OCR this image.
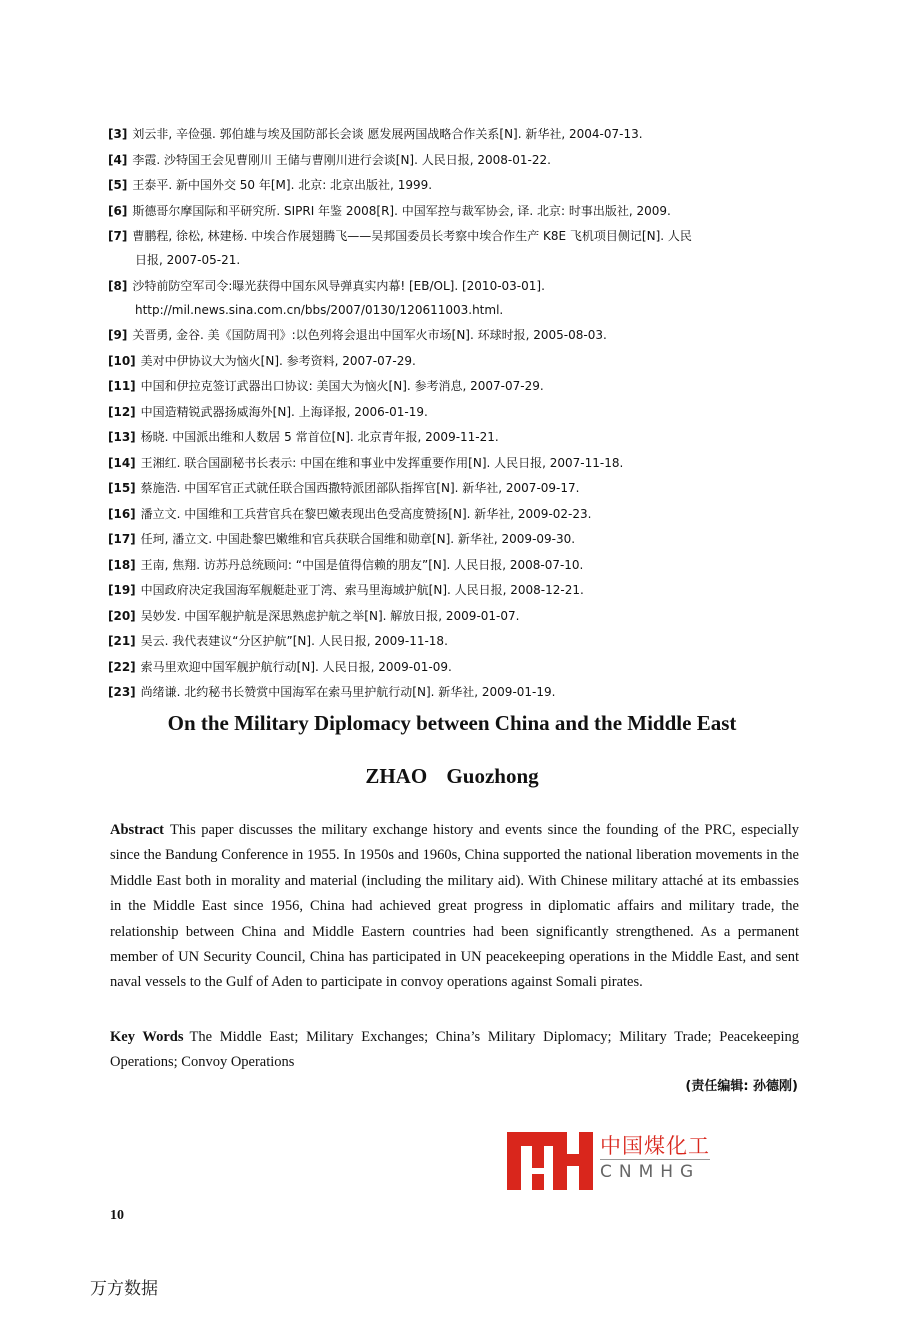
[3] 刘云非, 辛俭强. 郭伯雄与埃及国防部长会谈 愿发展两国战略合作关系[N]. 新华社, 2004-07-13.
[4] 李霞. 沙特国王会见曹刚川 王储与曹刚川进行会谈[N]. 人民日报, 2008-01-22.
[5] 王泰平. 新中国外交 50 年[M]. 北京: 北京出版社, 1999.
[6] 斯德哥尔摩国际和平研究所. SIPRI 年鉴 2008[R]. 中国军控与裁军协会, 译. 北京: 时事出版社, 2009.
[7] 曹鹏程, 徐松, 林建杨. 中埃合作展翅腾飞——吴邦国委员长考察中埃合作生产 K8E 飞机项目侧记[N]. 人民
日报, 2007-05-21.
[8] 沙特前防空军司令:曝光获得中国东风导弹真实内幕! [EB/OL]. [2010-03-01].
http://mil.news.sina.com.cn/bbs/2007/0130/120611003.html.
[9] 关晋勇, 金谷. 美《国防周刊》:以色列将会退出中国军火市场[N]. 环球时报, 2005-08-03.
[10] 美对中伊协议大为恼火[N]. 参考资料, 2007-07-29.
[11] 中国和伊拉克签订武器出口协议: 美国大为恼火[N]. 参考消息, 2007-07-29.
[12] 中国造精锐武器扬威海外[N]. 上海译报, 2006-01-19.
[13] 杨晓. 中国派出维和人数居 5 常首位[N]. 北京青年报, 2009-11-21.
[14] 王湘红. 联合国副秘书长表示: 中国在维和事业中发挥重要作用[N]. 人民日报, 2007-11-18.
[15] 蔡施浩. 中国军官正式就任联合国西撒特派团部队指挥官[N]. 新华社, 2007-09-17.
[16] 潘立文. 中国维和工兵营官兵在黎巴嫩表现出色受高度赞扬[N]. 新华社, 2009-02-23.
[17] 任珂, 潘立文. 中国赴黎巴嫩维和官兵获联合国维和勋章[N]. 新华社, 2009-09-30.
[18] 王南, 焦翔. 访苏丹总统顾问: “中国是值得信赖的朋友”[N]. 人民日报, 2008-07-10.
[19] 中国政府决定我国海军舰艇赴亚丁湾、索马里海域护航[N]. 人民日报, 2008-12-21.
[20] 吴妙发. 中国军舰护航是深思熟虑护航之举[N]. 解放日报, 2009-01-07.
[21] 吴云. 我代表建议“分区护航”[N]. 人民日报, 2009-11-18.
[22] 索马里欢迎中国军舰护航行动[N]. 人民日报, 2009-01-09.
[23] 尚绪谦. 北约秘书长赞赏中国海军在索马里护航行动[N]. 新华社, 2009-01-19.
On the Military Diplomacy between China and the Middle East
ZHAO Guozhong

Abstract This paper discusses the military exchange history and events since the founding of the PRC, especially since the Bandung Conference in 1955. In 1950s and 1960s, China supported the national liberation movements in the Middle East both in morality and material (including the military aid). With Chinese military attaché at its embassies in the Middle East since 1956, China had achieved great progress in diplomatic affairs and military trade, the relationship between China and Middle Eastern countries had been significantly strengthened. As a permanent member of UN Security Council, China has participated in UN peacekeeping operations in the Middle East, and sent naval vessels to the Gulf of Aden to participate in convoy operations against Somali pirates.

Key Words The Middle East; Military Exchanges; China’s Military Diplomacy; Military Trade; Peacekeeping Operations; Convoy Operations

(责任编辑: 孙德刚)
中国煤化工
CNMHG
10
万方数据
